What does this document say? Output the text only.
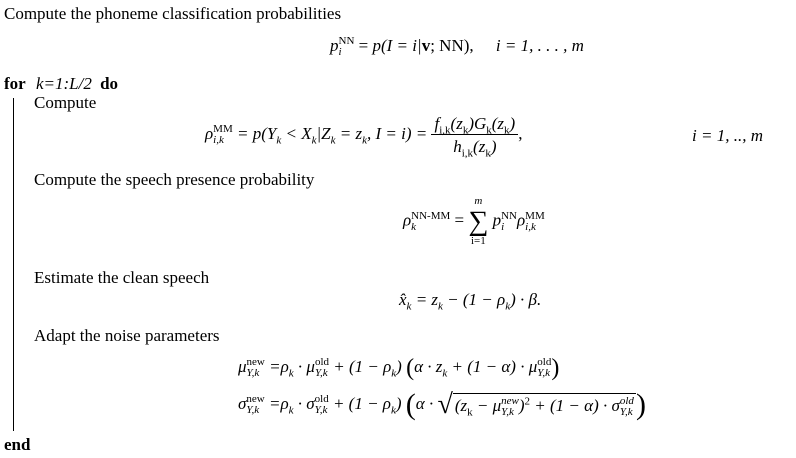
Compute the phoneme classification probabilities
p NN
i	= p(I = i|v; NN), i = 1, . . . , m
for k=1:L/2 do
Compute
ρ MM
$i,k = p(Y_k < X_k|Z_k = z_k$, $I = i) = \frac{f_{i,k}(z_k)G_k(z_k)}{h_{i,k}(z_k)}$ ,	i = 1, .., m
Compute the speech presence probability
ρ NN-MM
k	=
m
∑
i=1
p NN
i ρ MM
i,k
Estimate the clean speech
$x̂_k = z_k - (1 - \rho_k) \cdot \beta$.
Adapt the noise parameters
μ new
$Y,k =\rho_k \cdot \mu$ old
$Y,k + (1 - \rho_k)$ ($\alpha \cdot z_k + (1 - \alpha) \cdot \mu$ old
Y,k )
σ new
$Y,k =\rho_k \cdot \sigma$ old
$Y,k + (1 - \rho_k)$ (α · √ ($z_k - \mu$ new
Y,k )$^2$ + (1 − α) · σ old
Y,k )
end
